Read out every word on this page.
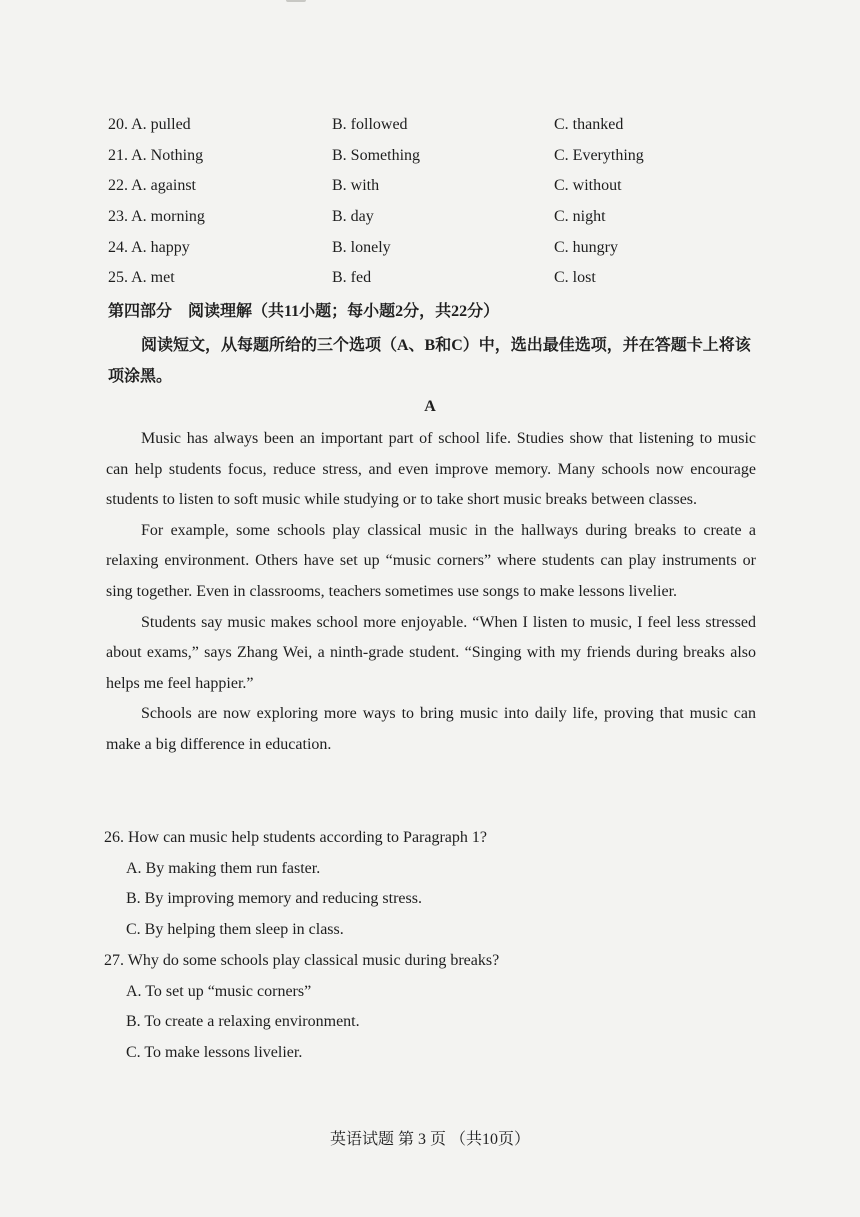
20. A. pulled	B. followed	C. thanked
21. A. Nothing	B. Something	C. Everything
22. A. against	B. with	C. without
23. A. morning	B. day	C. night
24. A. happy	B. lonely	C. hungry
25. A. met	B. fed	C. lost
第四部分　阅读理解（共11小题；每小题2分，共22分）
阅读短文，从每题所给的三个选项（A、B和C）中，选出最佳选项，并在答题卡上将该项涂黑。
A

Music has always been an important part of school life. Studies show that listening to music can help students focus, reduce stress, and even improve memory. Many schools now encourage students to listen to soft music while studying or to take short music breaks between classes.

For example, some schools play classical music in the hallways during breaks to create a relaxing environment. Others have set up “music corners” where students can play instruments or sing together. Even in classrooms, teachers sometimes use songs to make lessons livelier.

Students say music makes school more enjoyable. “When I listen to music, I feel less stressed about exams,” says Zhang Wei, a ninth-grade student. “Singing with my friends during breaks also helps me feel happier.”

Schools are now exploring more ways to bring music into daily life, proving that music can make a big difference in education.

26. How can music help students according to Paragraph 1?

A. By making them run faster.

B. By improving memory and reducing stress.

C. By helping them sleep in class.

27. Why do some schools play classical music during breaks?

A. To set up “music corners”

B. To create a relaxing environment.

C. To make lessons livelier.

英语试题 第 3 页 （共10页）
